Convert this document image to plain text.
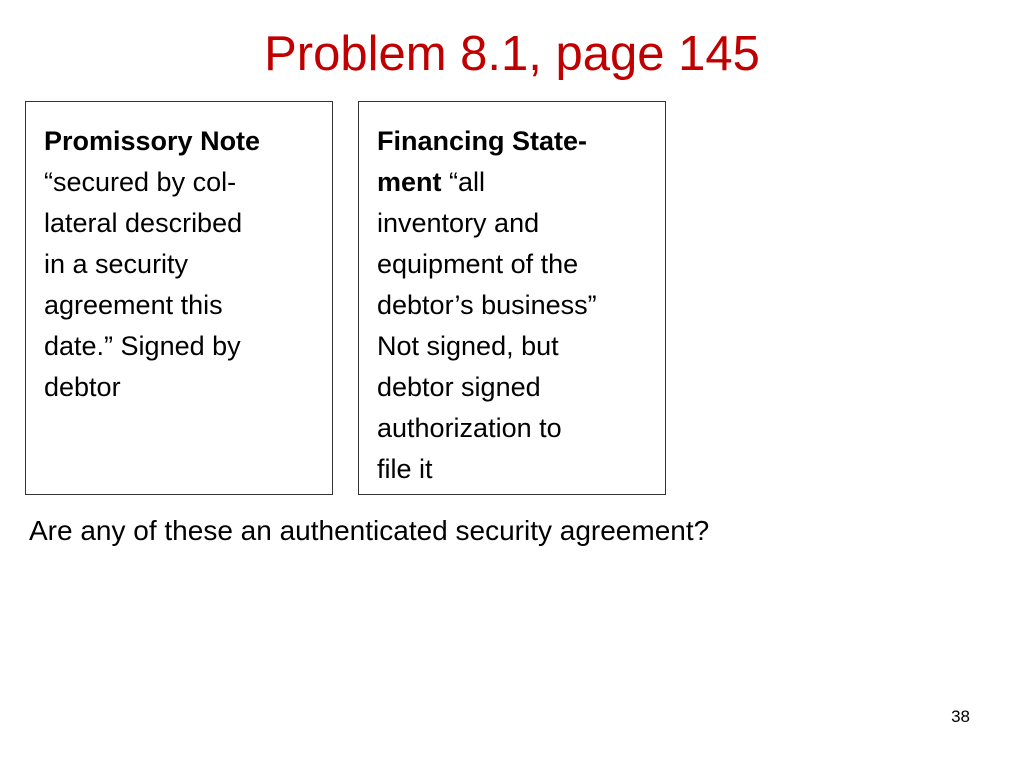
Problem 8.1, page 145

Promissory Note
“secured by col-
lateral described
in a security
agreement this
date.” Signed by
debtor

Financing State-
ment “all
inventory and
equipment of the
debtor’s business”
Not signed, but
debtor signed
authorization to
file it

Are any of these an authenticated security agreement?

38
